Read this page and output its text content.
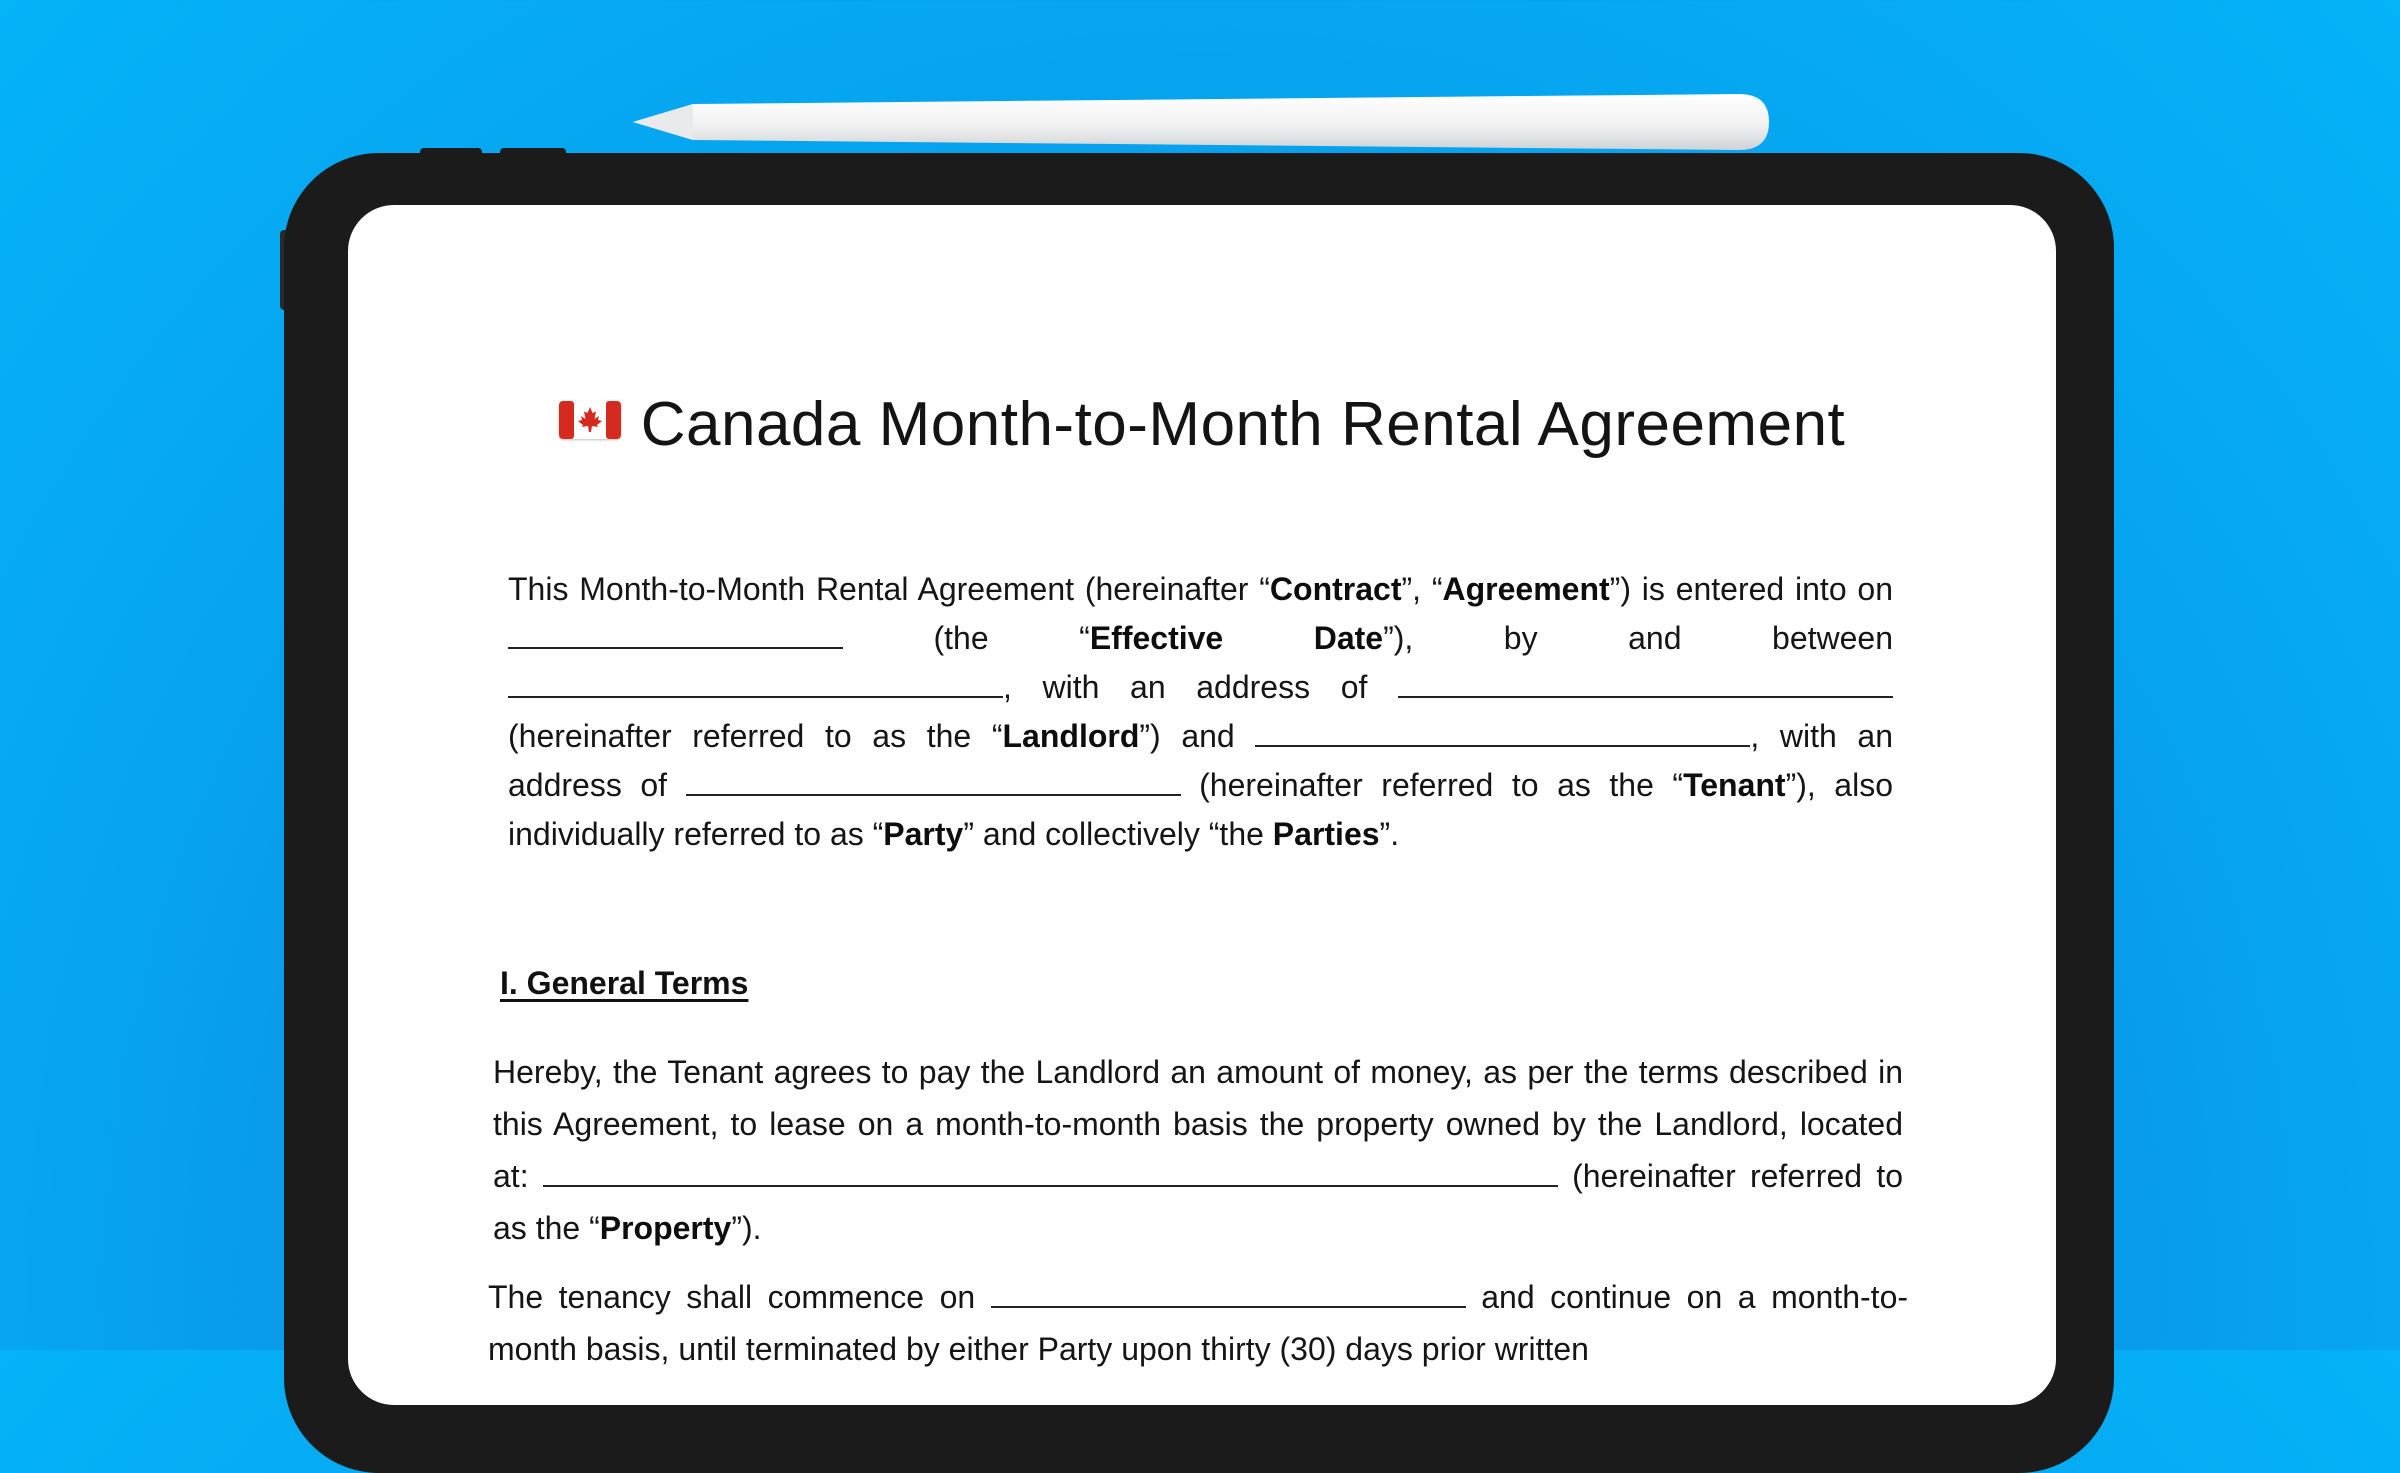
Canada Month-to-Month Rental Agreement
This Month-to-Month Rental Agreement (hereinafter “Contract”, “Agreement”) is entered into on  (the “Effective Date”), by and between , with an address of  (hereinafter referred to as the “Landlord”) and	, with an address of	(hereinafter referred to as the “Tenant”), also individually referred to as “Party” and collectively “the Parties”.
I. General Terms
Hereby, the Tenant agrees to pay the Landlord an amount of money, as per the terms described in this Agreement, to lease on a month-to-month basis the property owned by the Landlord, located at:	(hereinafter referred to as the “Property”).
The tenancy shall commence on	and continue on a month-to-month basis, until terminated by either Party upon thirty (30) days prior written
